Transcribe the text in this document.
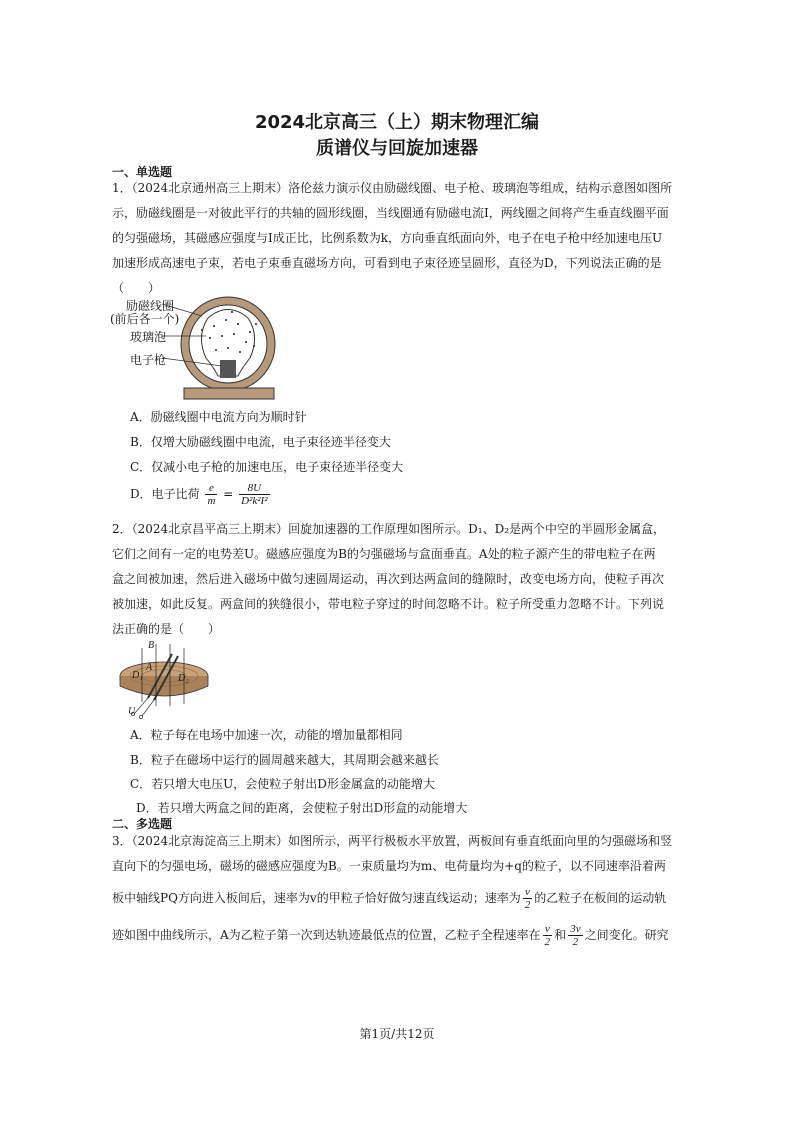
2024北京高三（上）期末物理汇编
质谱仪与回旋加速器
一、单选题
1．（2024北京通州高三上期末）洛伦兹力演示仪由励磁线圈、电子枪、玻璃泡等组成，结构示意图如图所
示，励磁线圈是一对彼此平行的共轴的圆形线圈，当线圈通有励磁电流I，两线圈之间将产生垂直线圈平面
的匀强磁场，其磁感应强度与I成正比，比例系数为k，方向垂直纸面向外，电子在电子枪中经加速电压U
加速形成高速电子束，若电子束垂直磁场方向，可看到电子束径迹呈圆形，直径为D，下列说法正确的是
（　　）
励磁线圈
(前后各一个)
玻璃泡
电子枪
A．励磁线圈中电流方向为顺时针
B．仅增大励磁线圈中电流，电子束径迹半径变大
C．仅减小电子枪的加速电压，电子束径迹半径变大
D．电子比荷 $\frac{e}{m} = \frac{8U}{\text{D²k²I²}}$
2．（2024北京昌平高三上期末）回旋加速器的工作原理如图所示。D₁、D₂是两个中空的半圆形金属盒，
它们之间有一定的电势差U。磁感应强度为B的匀强磁场与盒面垂直。A处的粒子源产生的带电粒子在两
盒之间被加速，然后进入磁场中做匀速圆周运动，再次到达两盒间的缝隙时，改变电场方向，使粒子再次
被加速，如此反复。两盒间的狭缝很小，带电粒子穿过的时间忽略不计。粒子所受重力忽略不计。下列说
法正确的是（　　）
B
A
D₁	D₂
U
A．粒子每在电场中加速一次，动能的增加量都相同
B．粒子在磁场中运行的圆周越来越大，其周期会越来越长
C．若只增大电压U，会使粒子射出D形金属盒的动能增大
D．若只增大两盒之间的距离，会使粒子射出D形盒的动能增大
二、多选题
3．（2024北京海淀高三上期末）如图所示，两平行极板水平放置，两板间有垂直纸面向里的匀强磁场和竖
直向下的匀强电场，磁场的磁感应强度为B。一束质量均为m、电荷量均为+q的粒子，以不同速率沿着两
板中轴线PQ方向进入板间后，速率为v的甲粒子恰好做匀速直线运动；速率为 $\frac{v}{2}$ 的乙粒子在板间的运动轨
迹如图中曲线所示，A为乙粒子第一次到达轨迹最低点的位置，乙粒子全程速率在 $\frac{v}{2}$ 和 $\frac{3v}{2}$ 之间变化。研究
第1页/共12页
